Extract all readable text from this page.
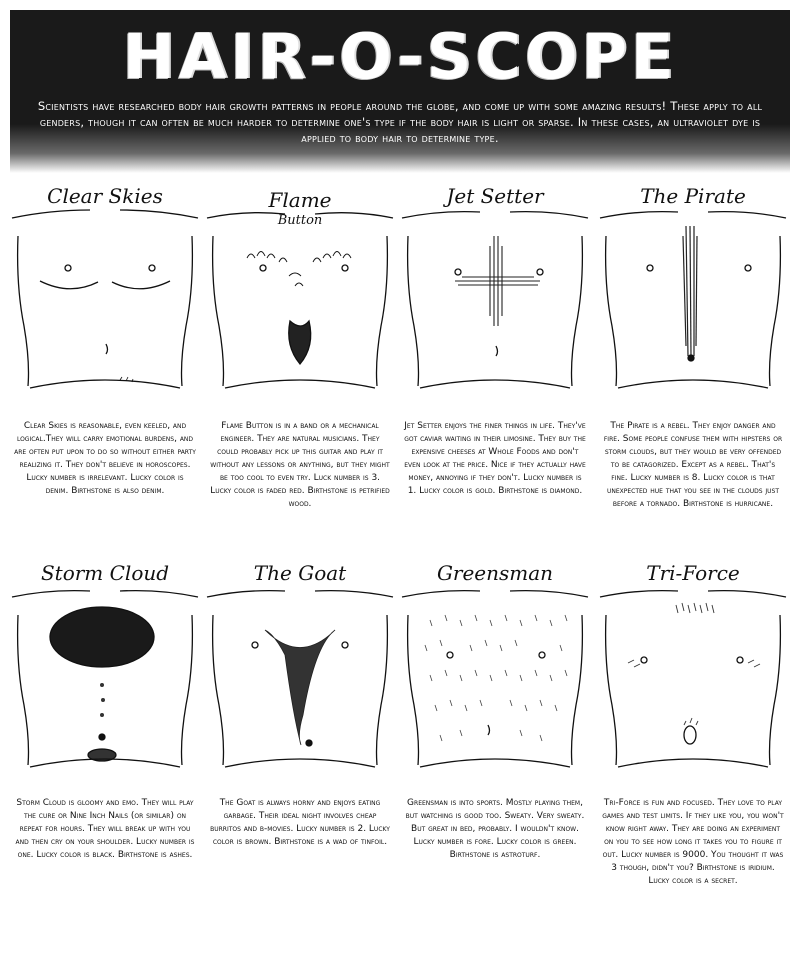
HAIR-O-SCOPE
Scientists have researched body hair growth patterns in people around the globe, and come up with some amazing results! These apply to all genders, though it can often be much harder to determine one's type if the body hair is light or sparse. In these cases, an ultraviolet dye is applied to body hair to determine type.
Clear Skies
Clear Skies is reasonable, even keeled, and logical.They will carry emotional burdens, and are often put upon to do so without either party realizing it. They don't believe in horoscopes. Lucky number is irrelevant. Lucky color is denim. Birthstone is also denim.
Flame
Button
Flame Button is in a band or a mechanical engineer. They are natural musicians. They could probably pick up this guitar and play it without any lessons or anything, but they might be too cool to even try. Luck number is 3. Lucky color is faded red. Birthstone is petrified wood.
Jet Setter
Jet Setter enjoys the finer things in life. They've got caviar waiting in their limosine. They buy the expensive cheeses at Whole Foods and don't even look at the price. Nice if they actually have money, annoying if they don't. Lucky number is 1. Lucky color is gold. Birthstone is diamond.
The Pirate
The Pirate is a rebel. They enjoy danger and fire. Some people confuse them with hipsters or storm clouds, but they would be very offended to be catagorized. Except as a rebel. That's fine. Lucky number is 8. Lucky color is that unexpected hue that you see in the clouds just before a tornado. Birthstone is hurricane.
Storm Cloud
Storm Cloud is gloomy and emo. They will play the cure or Nine Inch Nails (or similar) on repeat for hours. They will break up with you and then cry on your shoulder. Lucky number is one. Lucky color is black. Birthstone is ashes.
The Goat
The Goat is always horny and enjoys eating garbage. Their ideal night involves cheap burritos and b-movies. Lucky number is 2. Lucky color is brown. Birthstone is a wad of tinfoil.
Greensman
Greensman is into sports. Mostly playing them, but watching is good too. Sweaty. Very sweaty. But great in bed, probably. I wouldn't know. Lucky number is fore. Lucky color is green. Birthstone is astroturf.
Tri-Force
Tri-Force is fun and focused. They love to play games and test limits. If they like you, you won't know right away. They are doing an experiment on you to see how long it takes you to figure it out. Lucky number is 9000. You thought it was 3 though, didn't you? Birthstone is iridium. Lucky color is a secret.
